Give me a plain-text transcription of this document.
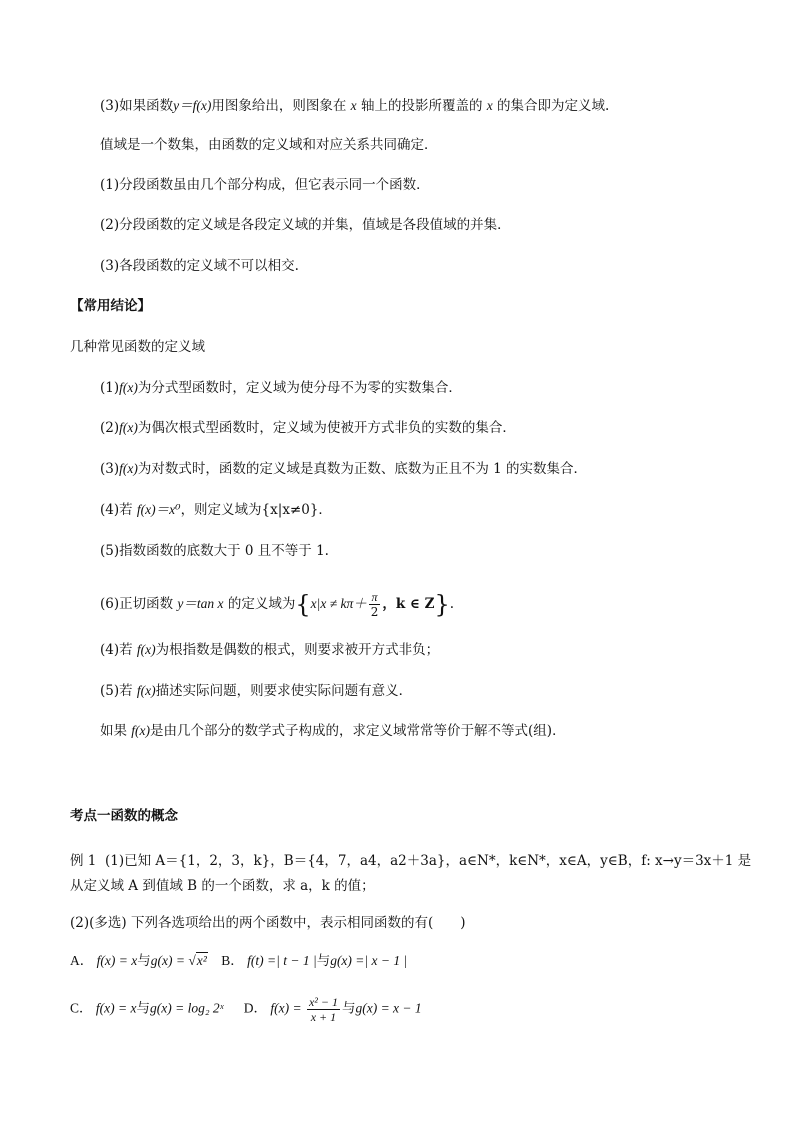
(3)如果函数y＝f(x)用图象给出，则图象在 x 轴上的投影所覆盖的 x 的集合即为定义域.
值域是一个数集，由函数的定义域和对应关系共同确定．
(1)分段函数虽由几个部分构成，但它表示同一个函数．
(2)分段函数的定义域是各段定义域的并集，值域是各段值域的并集．
(3)各段函数的定义域不可以相交.
【常用结论】
几种常见函数的定义域
(1)f(x)为分式型函数时，定义域为使分母不为零的实数集合．
(2)f(x)为偶次根式型函数时，定义域为使被开方式非负的实数的集合．
(3)f(x)为对数式时，函数的定义域是真数为正数、底数为正且不为 1 的实数集合．
(4)若 f(x)＝x⁰，则定义域为{x|x≠0}．
(5)指数函数的底数大于 0 且不等于 1.
(6)正切函数 y＝tan x 的定义域为{$x|x \ne k\pi+ \frac{\pi}{2}$ ，k ∈ Z}.
(4)若 f(x)为根指数是偶数的根式，则要求被开方式非负；
(5)若 f(x)描述实际问题，则要求使实际问题有意义．
如果 f(x)是由几个部分的数学式子构成的，求定义域常常等价于解不等式(组)．
考点一函数的概念
例 1 (1)已知 A＝{1，2，3，k}，B＝{4，7，a4，a2＋3a}，a∈N*，k∈N*，x∈A，y∈B，f: x→y＝3x＋1 是
从定义域 A 到值域 B 的一个函数，求 a，k 的值；
(2)(多选) 下列各选项给出的两个函数中，表示相同函数的有(　　)
A． f(x) = x与g(x) = √x² B． f(t) =| t − 1 |与g(x) =| x − 1 |
C． f(x) = x与g(x) = log₂ 2ˣ D． $f(x) = \frac{\text{x² − 1}}{x + 1}$ 与g(x) = x − 1
